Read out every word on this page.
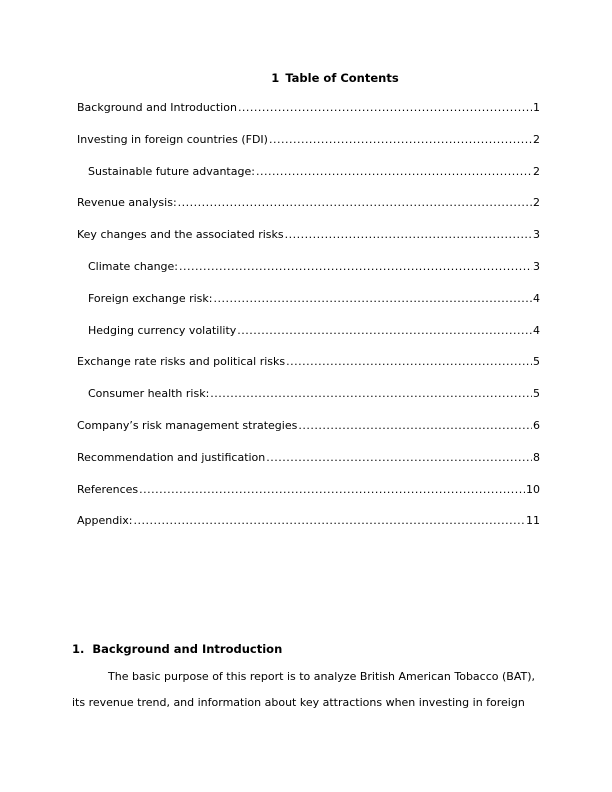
1 Table of Contents
Background and Introduction .....	1
Investing in foreign countries (FDI) .....	2
Sustainable future advantage: .....	2
Revenue analysis: .....	2
Key changes and the associated risks .....	3
Climate change: .....	3
Foreign exchange risk: .....	4
Hedging currency volatility .....	4
Exchange rate risks and political risks .....	5
Consumer health risk: .....	5
Company’s risk management strategies .....	6
Recommendation and justification .....	8
References .....	10
Appendix: .....	11
1. Background and Introduction
The basic purpose of this report is to analyze British American Tobacco (BAT),
its revenue trend, and information about key attractions when investing in foreign
